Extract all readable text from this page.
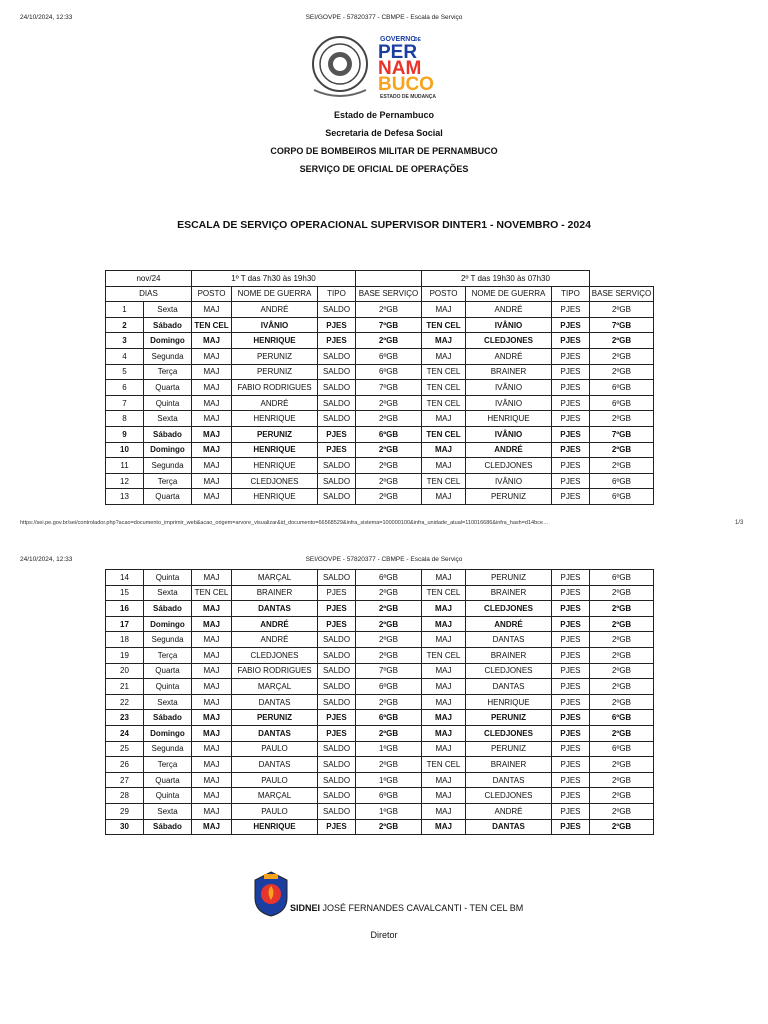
24/10/2024, 12:33	SEI/GOVPE - 57820377 - CBMPE - Escala de Serviço
GOVERNO
DE
PER
NAM
BUCO
ESTADO DE MUDANÇA
Estado de Pernambuco
Secretaria de Defesa Social
CORPO DE BOMBEIROS MILITAR DE PERNAMBUCO
SERVIÇO DE OFICIAL DE OPERAÇÕES
ESCALA DE SERVIÇO OPERACIONAL SUPERVISOR DINTER1 - NOVEMBRO - 2024
nov/24		1º T das 7h30 às 19h30				2º T das 19h30 às 07h30			
DIAS		POSTO	NOME DE GUERRA	TIPO	BASE SERVIÇO	POSTO	NOME DE GUERRA	TIPO	BASE SERVIÇO
1	Sexta	MAJ	ANDRÉ	SALDO	2ºGB	MAJ	ANDRÉ	PJES	2ºGB
2	Sábado	TEN CEL	IVÂNIO	PJES	7ºGB	TEN CEL	IVÂNIO	PJES	7ºGB
3	Domingo	MAJ	HENRIQUE	PJES	2ºGB	MAJ	CLEDJONES	PJES	2ºGB
4	Segunda	MAJ	PERUNIZ	SALDO	6ºGB	MAJ	ANDRÉ	PJES	2ºGB
5	Terça	MAJ	PERUNIZ	SALDO	6ºGB	TEN CEL	BRAINER	PJES	2ºGB
6	Quarta	MAJ	FABIO RODRIGUES	SALDO	7ºGB	TEN CEL	IVÂNIO	PJES	6ºGB
7	Quinta	MAJ	ANDRÉ	SALDO	2ºGB	TEN CEL	IVÂNIO	PJES	6ºGB
8	Sexta	MAJ	HENRIQUE	SALDO	2ºGB	MAJ	HENRIQUE	PJES	2ºGB
9	Sábado	MAJ	PERUNIZ	PJES	6ºGB	TEN CEL	IVÂNIO	PJES	7ºGB
10	Domingo	MAJ	HENRIQUE	PJES	2ºGB	MAJ	ANDRÉ	PJES	2ºGB
11	Segunda	MAJ	HENRIQUE	SALDO	2ºGB	MAJ	CLEDJONES	PJES	2ºGB
12	Terça	MAJ	CLEDJONES	SALDO	2ºGB	TEN CEL	IVÂNIO	PJES	6ºGB
13	Quarta	MAJ	HENRIQUE	SALDO	2ºGB	MAJ	PERUNIZ	PJES	6ºGB
https://sei.pe.gov.br/sei/controlador.php?acao=documento_imprimir_web&acao_origem=arvore_visualizar&id_documento=66568529&infra_sistema=100000100&infra_unidade_atual=110016686&infra_hash=d14bce…	1/3
24/10/2024, 12:33	SEI/GOVPE - 57820377 - CBMPE - Escala de Serviço
14	Quinta	MAJ	MARÇAL	SALDO	6ºGB	MAJ	PERUNIZ	PJES	6ºGB
15	Sexta	TEN CEL	BRAINER	PJES	2ºGB	TEN CEL	BRAINER	PJES	2ºGB
16	Sábado	MAJ	DANTAS	PJES	2ºGB	MAJ	CLEDJONES	PJES	2ºGB
17	Domingo	MAJ	ANDRÉ	PJES	2ºGB	MAJ	ANDRÉ	PJES	2ºGB
18	Segunda	MAJ	ANDRÉ	SALDO	2ºGB	MAJ	DANTAS	PJES	2ºGB
19	Terça	MAJ	CLEDJONES	SALDO	2ºGB	TEN CEL	BRAINER	PJES	2ºGB
20	Quarta	MAJ	FABIO RODRIGUES	SALDO	7ºGB	MAJ	CLEDJONES	PJES	2ºGB
21	Quinta	MAJ	MARÇAL	SALDO	6ºGB	MAJ	DANTAS	PJES	2ºGB
22	Sexta	MAJ	DANTAS	SALDO	2ºGB	MAJ	HENRIQUE	PJES	2ºGB
23	Sábado	MAJ	PERUNIZ	PJES	6ºGB	MAJ	PERUNIZ	PJES	6ºGB
24	Domingo	MAJ	DANTAS	PJES	2ºGB	MAJ	CLEDJONES	PJES	2ºGB
25	Segunda	MAJ	PAULO	SALDO	1ºGB	MAJ	PERUNIZ	PJES	6ºGB
26	Terça	MAJ	DANTAS	SALDO	2ºGB	TEN CEL	BRAINER	PJES	2ºGB
27	Quarta	MAJ	PAULO	SALDO	1ºGB	MAJ	DANTAS	PJES	2ºGB
28	Quinta	MAJ	MARÇAL	SALDO	6ºGB	MAJ	CLEDJONES	PJES	2ºGB
29	Sexta	MAJ	PAULO	SALDO	1ºGB	MAJ	ANDRÉ	PJES	2ºGB
30	Sábado	MAJ	HENRIQUE	PJES	2ºGB	MAJ	DANTAS	PJES	2ºGB
SIDNEI JOSÉ FERNANDES CAVALCANTI - TEN CEL BM
Diretor
